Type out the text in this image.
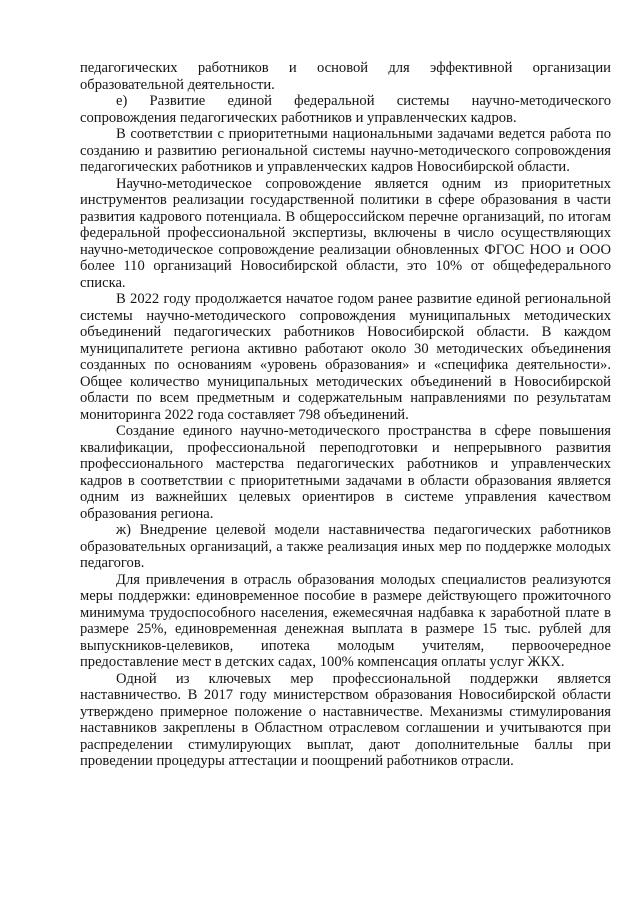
педагогических работников и основой для эффективной организации образовательной деятельности.

е) Развитие единой федеральной системы научно-методического сопровождения педагогических работников и управленческих кадров.

В соответствии с приоритетными национальными задачами ведется работа по созданию и развитию региональной системы научно-методического сопровождения педагогических работников и управленческих кадров Новосибирской области.

Научно-методическое сопровождение является одним из приоритетных инструментов реализации государственной политики в сфере образования в части развития кадрового потенциала. В общероссийском перечне организаций, по итогам федеральной профессиональной экспертизы, включены в число осуществляющих научно-методическое сопровождение реализации обновленных ФГОС НОО и ООО более 110 организаций Новосибирской области, это 10% от общефедерального списка.

В 2022 году продолжается начатое годом ранее развитие единой региональной системы научно-методического сопровождения муниципальных методических объединений педагогических работников Новосибирской области. В каждом муниципалитете региона активно работают около 30 методических объединения созданных по основаниям «уровень образования» и «специфика деятельности». Общее количество муниципальных методических объединений в Новосибирской области по всем предметным и содержательным направлениями по результатам мониторинга 2022 года составляет 798 объединений.

Создание единого научно-методического пространства в сфере повышения квалификации, профессиональной переподготовки и непрерывного развития профессионального мастерства педагогических работников и управленческих кадров в соответствии с приоритетными задачами в области образования является одним из важнейших целевых ориентиров в системе управления качеством образования региона.

ж) Внедрение целевой модели наставничества педагогических работников образовательных организаций, а также реализация иных мер по поддержке молодых педагогов.

Для привлечения в отрасль образования молодых специалистов реализуются меры поддержки: единовременное пособие в размере действующего прожиточного минимума трудоспособного населения, ежемесячная надбавка к заработной плате в размере 25%, единовременная денежная выплата в размере 15 тыс. рублей для выпускников-целевиков, ипотека молодым учителям, первоочередное предоставление мест в детских садах, 100% компенсация оплаты услуг ЖКХ.

Одной из ключевых мер профессиональной поддержки является наставничество. В 2017 году министерством образования Новосибирской области утверждено примерное положение о наставничестве. Механизмы стимулирования наставников закреплены в Областном отраслевом соглашении и учитываются при распределении стимулирующих выплат, дают дополнительные баллы при проведении процедуры аттестации и поощрений работников отрасли.
